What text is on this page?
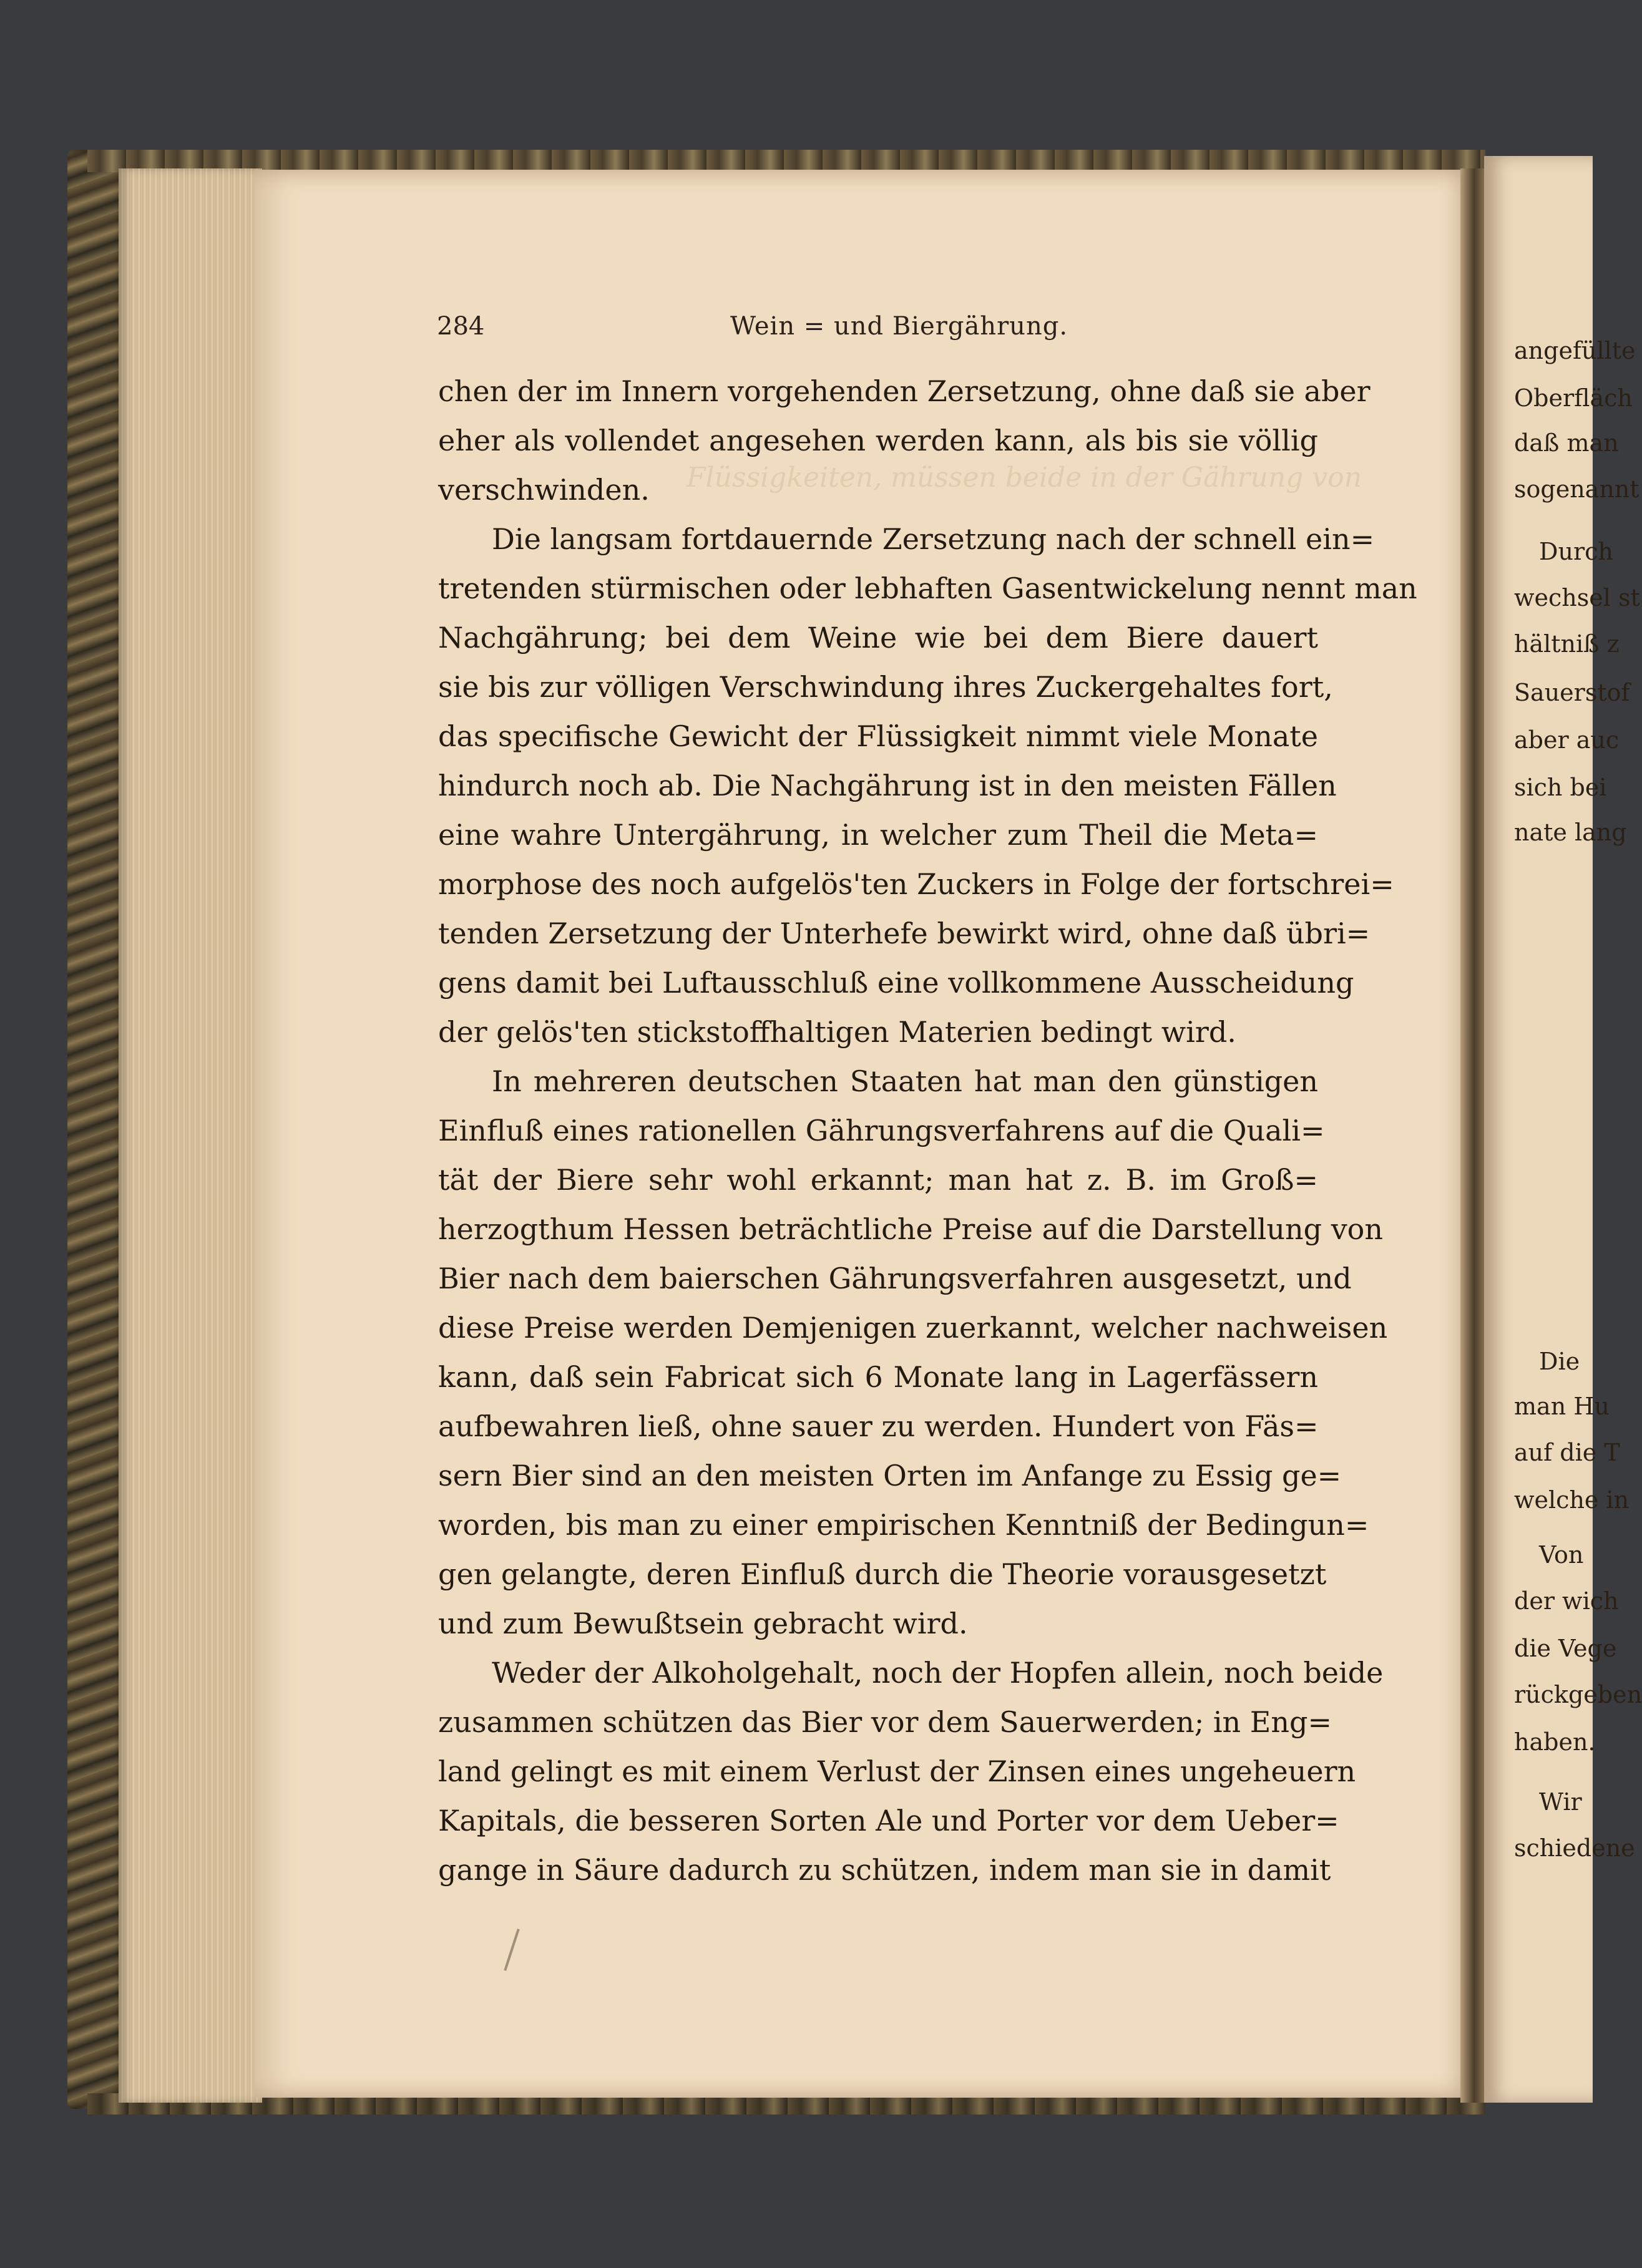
Flüssigkeiten, müssen beide in der Gährung von
284	Wein = und Biergährung.
chen der im Innern vorgehenden Zersetzung, ohne daß sie aber
eher als vollendet angesehen werden kann, als bis sie völlig
verschwinden.
Die langsam fortdauernde Zersetzung nach der schnell ein=
tretenden stürmischen oder lebhaften Gasentwickelung nennt man
Nachgährung; bei dem Weine wie bei dem Biere dauert
sie bis zur völligen Verschwindung ihres Zuckergehaltes fort,
das specifische Gewicht der Flüssigkeit nimmt viele Monate
hindurch noch ab. Die Nachgährung ist in den meisten Fällen
eine wahre Untergährung, in welcher zum Theil die Meta=
morphose des noch aufgelös'ten Zuckers in Folge der fortschrei=
tenden Zersetzung der Unterhefe bewirkt wird, ohne daß übri=
gens damit bei Luftausschluß eine vollkommene Ausscheidung
der gelös'ten stickstoffhaltigen Materien bedingt wird.
In mehreren deutschen Staaten hat man den günstigen
Einfluß eines rationellen Gährungsverfahrens auf die Quali=
tät der Biere sehr wohl erkannt; man hat z. B. im Groß=
herzogthum Hessen beträchtliche Preise auf die Darstellung von
Bier nach dem baierschen Gährungsverfahren ausgesetzt, und
diese Preise werden Demjenigen zuerkannt, welcher nachweisen
kann, daß sein Fabricat sich 6 Monate lang in Lagerfässern
aufbewahren ließ, ohne sauer zu werden. Hundert von Fäs=
sern Bier sind an den meisten Orten im Anfange zu Essig ge=
worden, bis man zu einer empirischen Kenntniß der Bedingun=
gen gelangte, deren Einfluß durch die Theorie vorausgesetzt
und zum Bewußtsein gebracht wird.
Weder der Alkoholgehalt, noch der Hopfen allein, noch beide
zusammen schützen das Bier vor dem Sauerwerden; in Eng=
land gelingt es mit einem Verlust der Zinsen eines ungeheuern
Kapitals, die besseren Sorten Ale und Porter vor dem Ueber=
gange in Säure dadurch zu schützen, indem man sie in damit
angefüllte
Oberfläch
daß man
sogenannt
Durch
wechsel st
hältniß z
Sauerstof
aber auc
sich bei
nate lang
Die
man Hu
auf die T
welche in
Von
der wich
die Vege
rückgeben
haben.
Wir
schiedene
